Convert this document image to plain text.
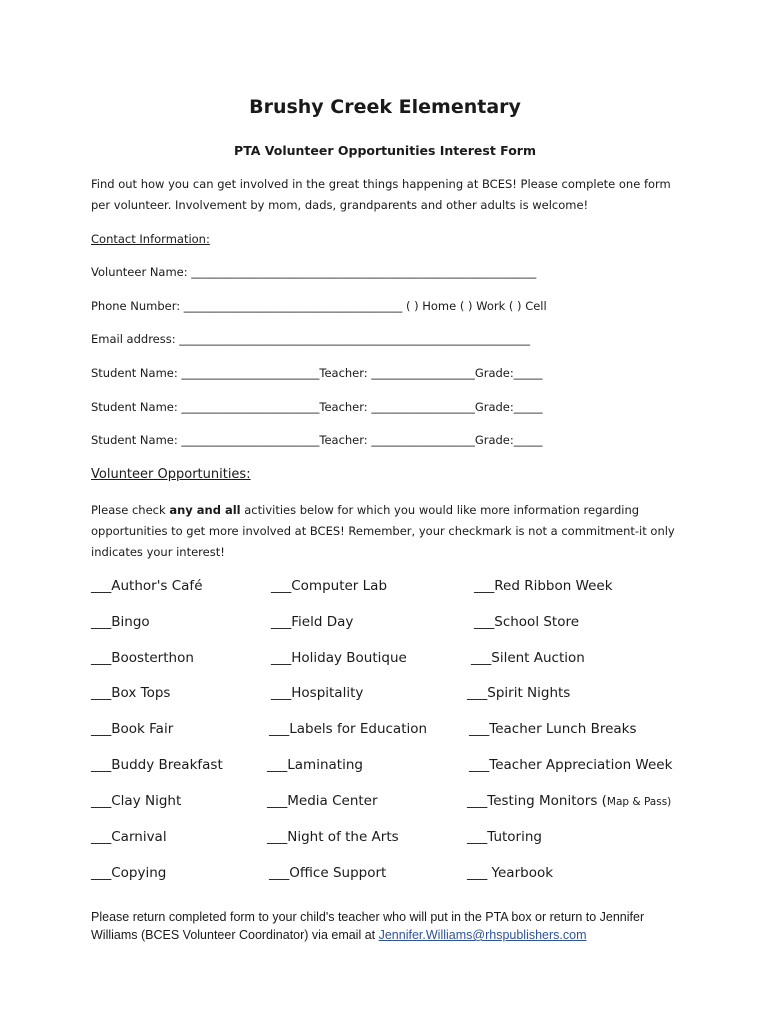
Brushy Creek Elementary
PTA Volunteer Opportunities Interest Form
Find out how you can get involved in the great things happening at BCES! Please complete one form per volunteer. Involvement by mom, dads, grandparents and other adults is welcome!
Contact Information:
Volunteer Name: ____________________________________________________________
Phone Number: ______________________________________ ( ) Home ( ) Work ( ) Cell
Email address: _____________________________________________________________
Student Name: ________________________Teacher: __________________Grade:_____
Student Name: ________________________Teacher: __________________Grade:_____
Student Name: ________________________Teacher: __________________Grade:_____
Volunteer Opportunities:
Please check any and all activities below for which you would like more information regarding opportunities to get more involved at BCES! Remember, your checkmark is not a commitment-it only indicates your interest!
___Author's Café
___Bingo
___Boosterthon
___Box Tops
___Book Fair
___Buddy Breakfast
___Clay Night
___Carnival
___Copying
___Computer Lab
___Field Day
___Holiday Boutique
___Hospitality
___Labels for Education
___Laminating
___Media Center
___Night of the Arts
___Office Support
___Red Ribbon Week
___School Store
___Silent Auction
___Spirit Nights
___Teacher Lunch Breaks
___Teacher Appreciation Week
___Testing Monitors (Map & Pass)
___Tutoring
___ Yearbook
Please return completed form to your child's teacher who will put in the PTA box or return to Jennifer Williams (BCES Volunteer Coordinator) via email at Jennifer.Williams@rhspublishers.com
